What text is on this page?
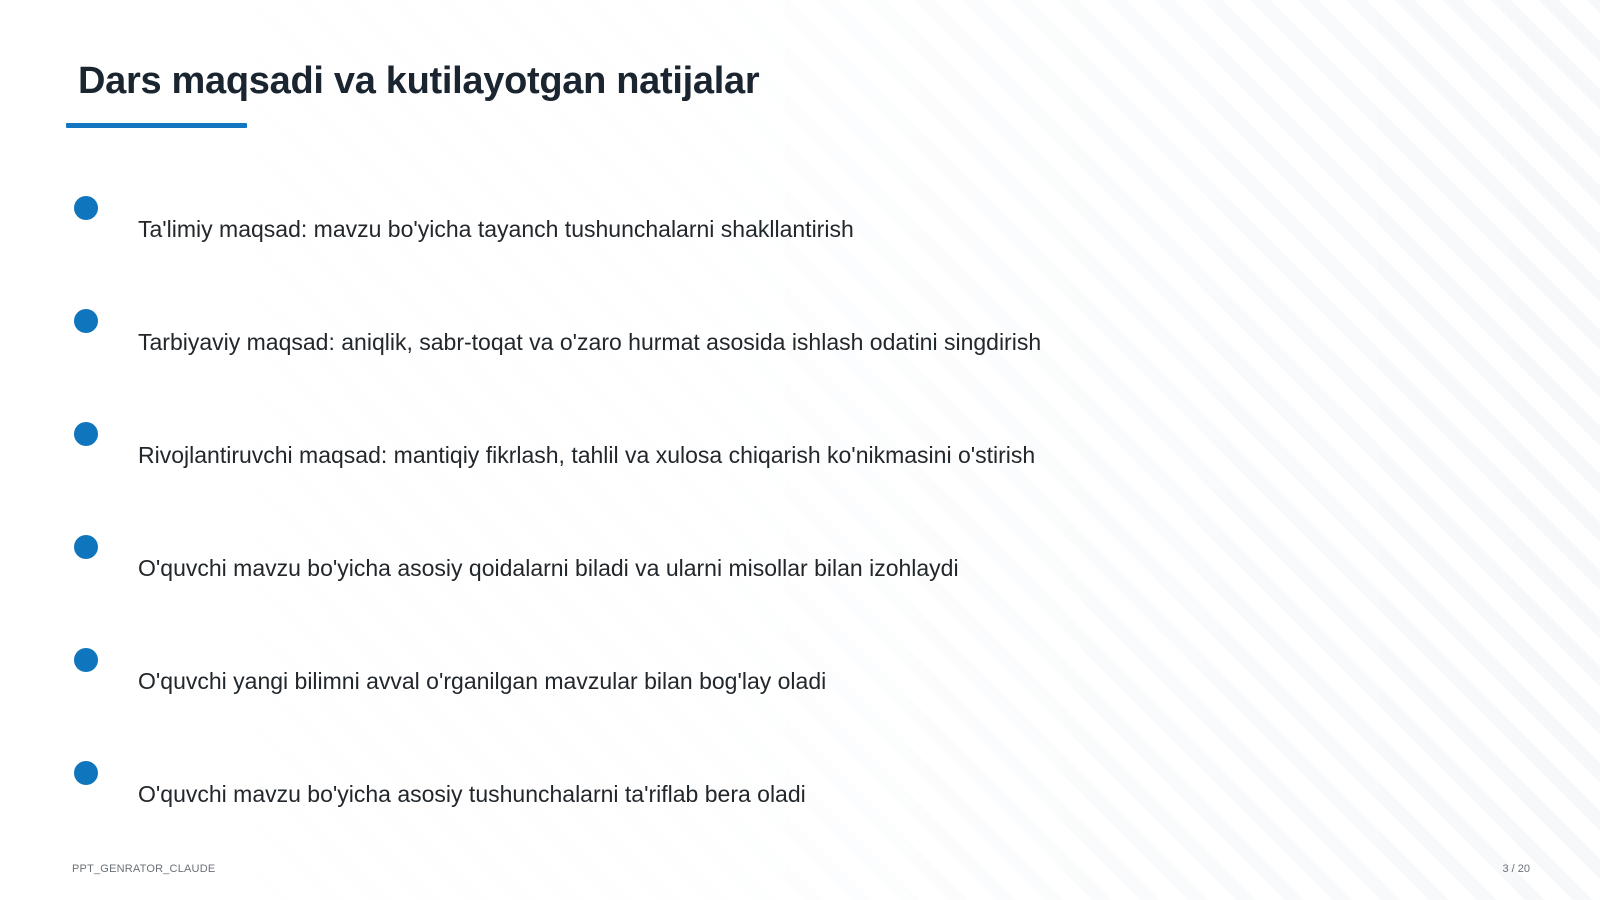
Dars maqsadi va kutilayotgan natijalar
Ta'limiy maqsad: mavzu bo'yicha tayanch tushunchalarni shakllantirish
Tarbiyaviy maqsad: aniqlik, sabr-toqat va o'zaro hurmat asosida ishlash odatini singdirish
Rivojlantiruvchi maqsad: mantiqiy fikrlash, tahlil va xulosa chiqarish ko'nikmasini o'stirish
O'quvchi mavzu bo'yicha asosiy qoidalarni biladi va ularni misollar bilan izohlaydi
O'quvchi yangi bilimni avval o'rganilgan mavzular bilan bog'lay oladi
O'quvchi mavzu bo'yicha asosiy tushunchalarni ta'riflab bera oladi
PPT_GENRATOR_CLAUDE	3 / 20
